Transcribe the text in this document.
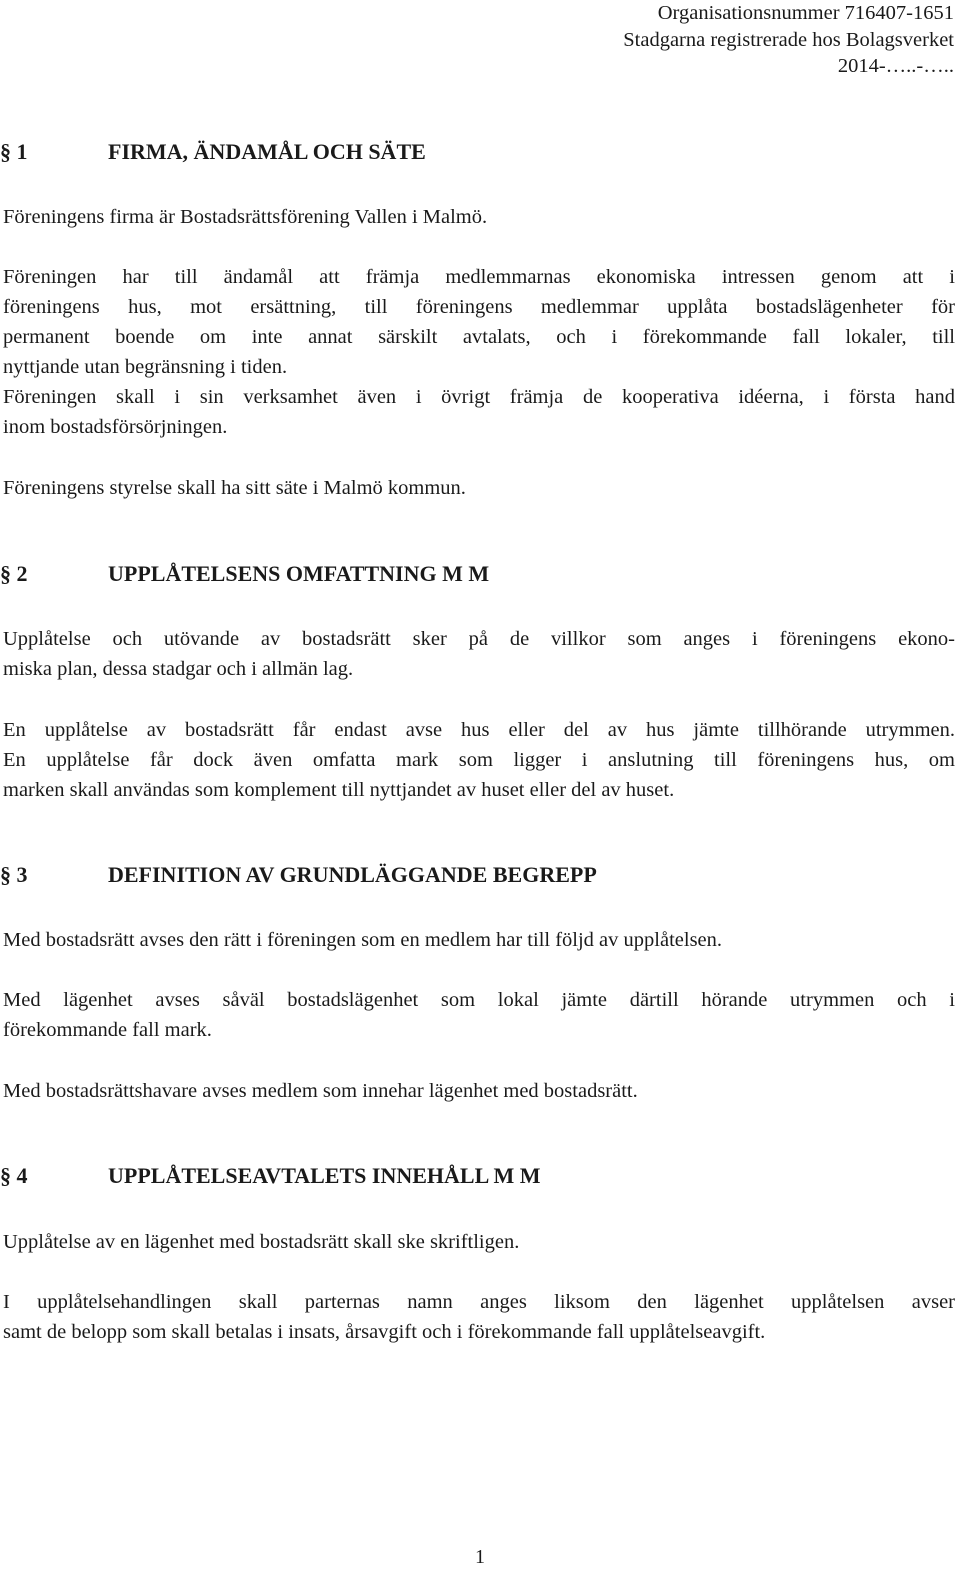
Organisationsnummer 716407-1651
Stadgarna registrerade hos Bolagsverket
2014-…..-…..
§ 1	FIRMA, ÄNDAMÅL OCH SÄTE
Föreningens firma är Bostadsrättsförening Vallen i Malmö.
Föreningen har till ändamål att främja medlemmarnas ekonomiska intressen genom att i
föreningens hus, mot ersättning, till föreningens medlemmar upplåta bostadslägenheter för
permanent boende om inte annat särskilt avtalats, och i förekommande fall lokaler, till
nyttjande utan begränsning i tiden.
Föreningen skall i sin verksamhet även i övrigt främja de kooperativa idéerna, i första hand
inom bostadsförsörjningen.
Föreningens styrelse skall ha sitt säte i Malmö kommun.
§ 2	UPPLÅTELSENS OMFATTNING M M
Upplåtelse och utövande av bostadsrätt sker på de villkor som anges i föreningens ekono-
miska plan, dessa stadgar och i allmän lag.
En upplåtelse av bostadsrätt får endast avse hus eller del av hus jämte tillhörande utrymmen.
En upplåtelse får dock även omfatta mark som ligger i anslutning till föreningens hus, om
marken skall användas som komplement till nyttjandet av huset eller del av huset.
§ 3	DEFINITION AV GRUNDLÄGGANDE BEGREPP
Med bostadsrätt avses den rätt i föreningen som en medlem har till följd av upplåtelsen.
Med lägenhet avses såväl bostadslägenhet som lokal jämte därtill hörande utrymmen och i
förekommande fall mark.
Med bostadsrättshavare avses medlem som innehar lägenhet med bostadsrätt.
§ 4	UPPLÅTELSEAVTALETS INNEHÅLL M M
Upplåtelse av en lägenhet med bostadsrätt skall ske skriftligen.
I upplåtelsehandlingen skall parternas namn anges liksom den lägenhet upplåtelsen avser
samt de belopp som skall betalas i insats, årsavgift och i förekommande fall upplåtelseavgift.
1
